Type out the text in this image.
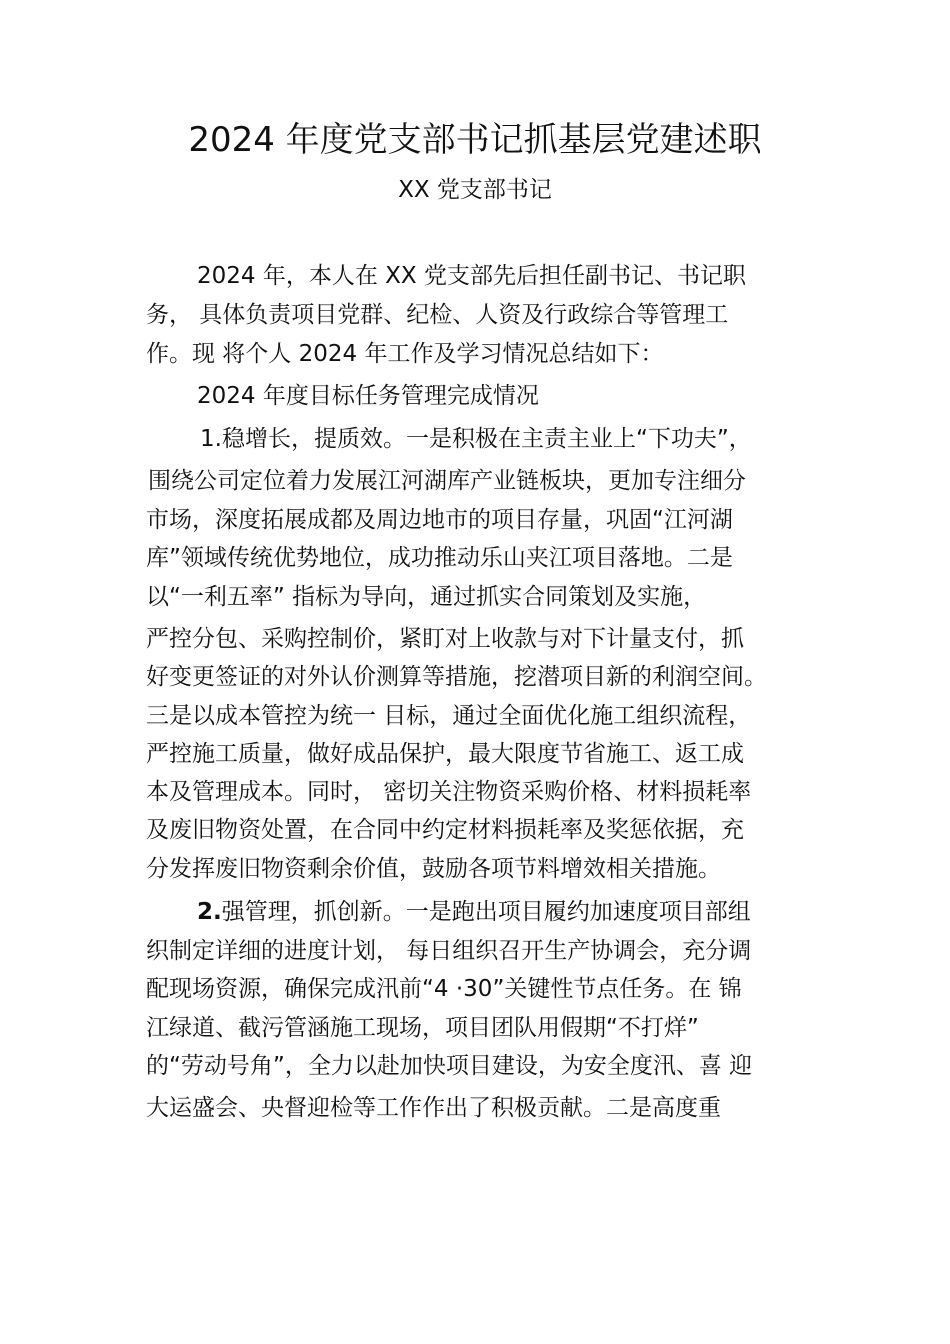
2024 年度党支部书记抓基层党建述职

XX 党支部书记

2024 年，本人在 XX 党支部先后担任副书记、书记职

务， 具体负责项目党群、纪检、人资及行政综合等管理工

作。现 将个人 2024 年工作及学习情况总结如下：

2024 年度目标任务管理完成情况

1.稳增长，提质效。一是积极在主责主业上“下功夫”，

围绕公司定位着力发展江河湖库产业链板块，更加专注细分

市场，深度拓展成都及周边地市的项目存量，巩固“江河湖

库”领域传统优势地位，成功推动乐山夹江项目落地。二是

以“一利五率” 指标为导向，通过抓实合同策划及实施，

严控分包、采购控制价，紧盯对上收款与对下计量支付，抓

好变更签证的对外认价测算等措施，挖潜项目新的利润空间。

三是以成本管控为统一 目标，通过全面优化施工组织流程，

严控施工质量，做好成品保护，最大限度节省施工、返工成

本及管理成本。同时， 密切关注物资采购价格、材料损耗率

及废旧物资处置，在合同中约定材料损耗率及奖惩依据，充

分发挥废旧物资剩余价值，鼓励各项节料增效相关措施。

2.强管理，抓创新。一是跑出项目履约加速度项目部组

织制定详细的进度计划， 每日组织召开生产协调会，充分调

配现场资源，确保完成汛前“4 ·30”关键性节点任务。在 锦

江绿道、截污管涵施工现场，项目团队用假期“不打烊”

的“劳动号角”，全力以赴加快项目建设，为安全度汛、喜 迎

大运盛会、央督迎检等工作作出了积极贡献。二是高度重
